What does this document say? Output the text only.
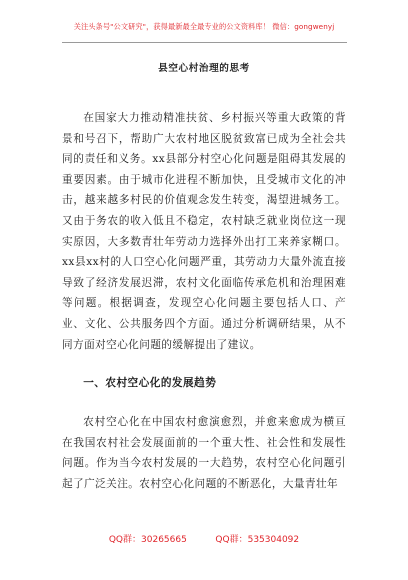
关注头条号"公文研究"，获得最新最全最专业的公文资料库！ 微信：gongwenyj
县空心村治理的思考

在国家大力推动精准扶贫、乡村振兴等重大政策的背景和号召下，帮助广大农村地区脱贫致富已成为全社会共同的责任和义务。xx县部分村空心化问题是阻碍其发展的重要因素。由于城市化进程不断加快，且受城市文化的冲击，越来越多村民的价值观念发生转变，渴望进城务工。又由于务农的收入低且不稳定，农村缺乏就业岗位这一现实原因，大多数青壮年劳动力选择外出打工来养家糊口。xx县xx村的人口空心化问题严重，其劳动力大量外流直接导致了经济发展迟滞，农村文化面临传承危机和治理困难等问题。根据调查，发现空心化问题主要包括人口、产业、文化、公共服务四个方面。通过分析调研结果，从不同方面对空心化问题的缓解提出了建议。

一、农村空心化的发展趋势

农村空心化在中国农村愈演愈烈，并愈来愈成为横亘在我国农村社会发展面前的一个重大性、社会性和发展性问题。作为当今农村发展的一大趋势，农村空心化问题引起了广泛关注。农村空心化问题的不断恶化，大量青壮年

QQ群：30265665          QQ群：535304092
